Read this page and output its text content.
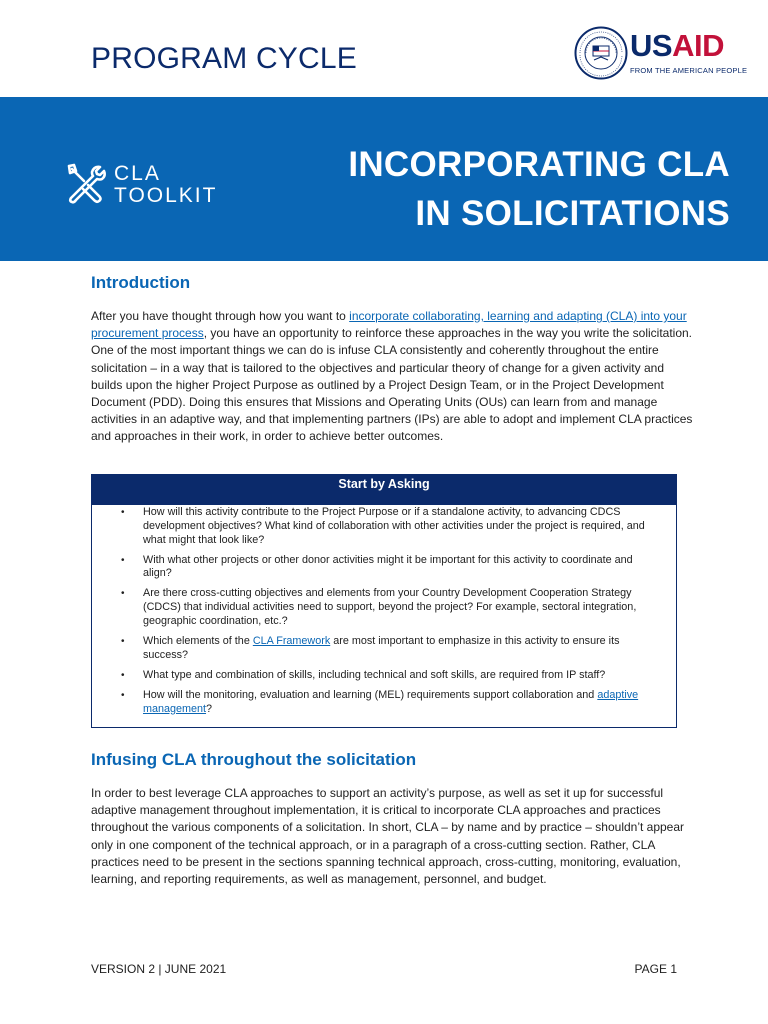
PROGRAM CYCLE	USAID
FROM THE AMERICAN PEOPLE
CLA
TOOLKIT
INCORPORATING CLA
IN SOLICITATIONS
Introduction

After you have thought through how you want to incorporate collaborating, learning and adapting (CLA) into your procurement process, you have an opportunity to reinforce these approaches in the way you write the solicitation. One of the most important things we can do is infuse CLA consistently and coherently throughout the entire solicitation – in a way that is tailored to the objectives and particular theory of change for a given activity and builds upon the higher Project Purpose as outlined by a Project Design Team, or in the Project Development Document (PDD). Doing this ensures that Missions and Operating Units (OUs) can learn from and manage activities in an adaptive way, and that implementing partners (IPs) are able to adopt and implement CLA practices and approaches in their work, in order to achieve better outcomes.

Start by Asking
• How will this activity contribute to the Project Purpose or if a standalone activity, to advancing CDCS development objectives? What kind of collaboration with other activities under the project is required, and what might that look like?
• With what other projects or other donor activities might it be important for this activity to coordinate and align?
• Are there cross-cutting objectives and elements from your Country Development Cooperation Strategy (CDCS) that individual activities need to support, beyond the project? For example, sectoral integration, geographic coordination, etc.?
• Which elements of the CLA Framework are most important to emphasize in this activity to ensure its success?
• What type and combination of skills, including technical and soft skills, are required from IP staff?
• How will the monitoring, evaluation and learning (MEL) requirements support collaboration and adaptive management?
Infusing CLA throughout the solicitation

In order to best leverage CLA approaches to support an activity’s purpose, as well as set it up for successful adaptive management throughout implementation, it is critical to incorporate CLA approaches and practices throughout the various components of a solicitation. In short, CLA – by name and by practice – shouldn’t appear only in one component of the technical approach, or in a paragraph of a cross-cutting section. Rather, CLA practices need to be present in the sections spanning technical approach, cross-cutting, monitoring, evaluation, learning, and reporting requirements, as well as management, personnel, and budget.

VERSION 2 | JUNE 2021	PAGE 1
